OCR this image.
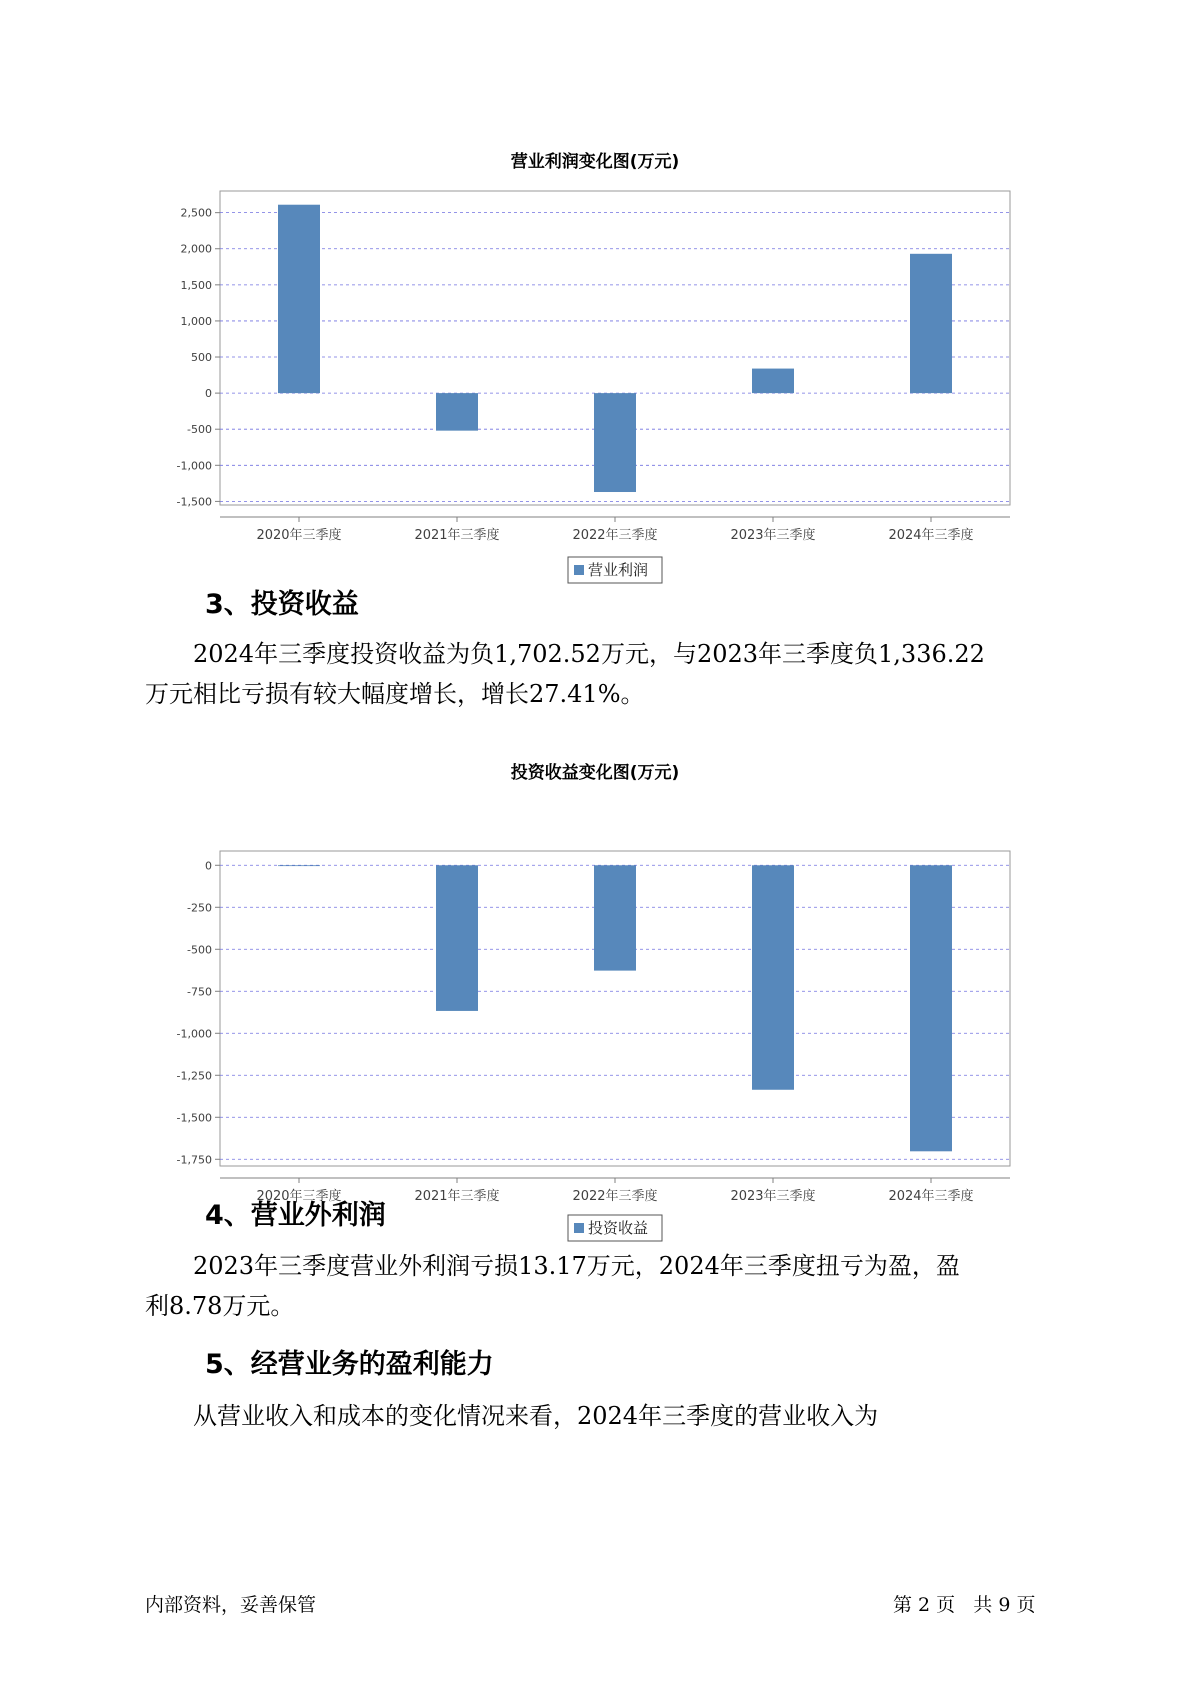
营业利润变化图(万元)
2,500
2,000
1,500
1,000
500
0
-500
-1,000
-1,500
2020年三季度	2021年三季度	2022年三季度	2023年三季度	2024年三季度
营业利润
3、投资收益
2024年三季度投资收益为负1,702.52万元，与2023年三季度负1,336.22
万元相比亏损有较大幅度增长，增长27.41%。
投资收益变化图(万元)
0
-250
-500
-750
-1,000
-1,250
-1,500
-1,750
2020年三季度	2021年三季度	2022年三季度	2023年三季度	2024年三季度
投资收益
4、营业外利润
2023年三季度营业外利润亏损13.17万元，2024年三季度扭亏为盈，盈
利8.78万元。
5、经营业务的盈利能力
从营业收入和成本的变化情况来看，2024年三季度的营业收入为
内部资料，妥善保管	第 2 页   共 9 页
